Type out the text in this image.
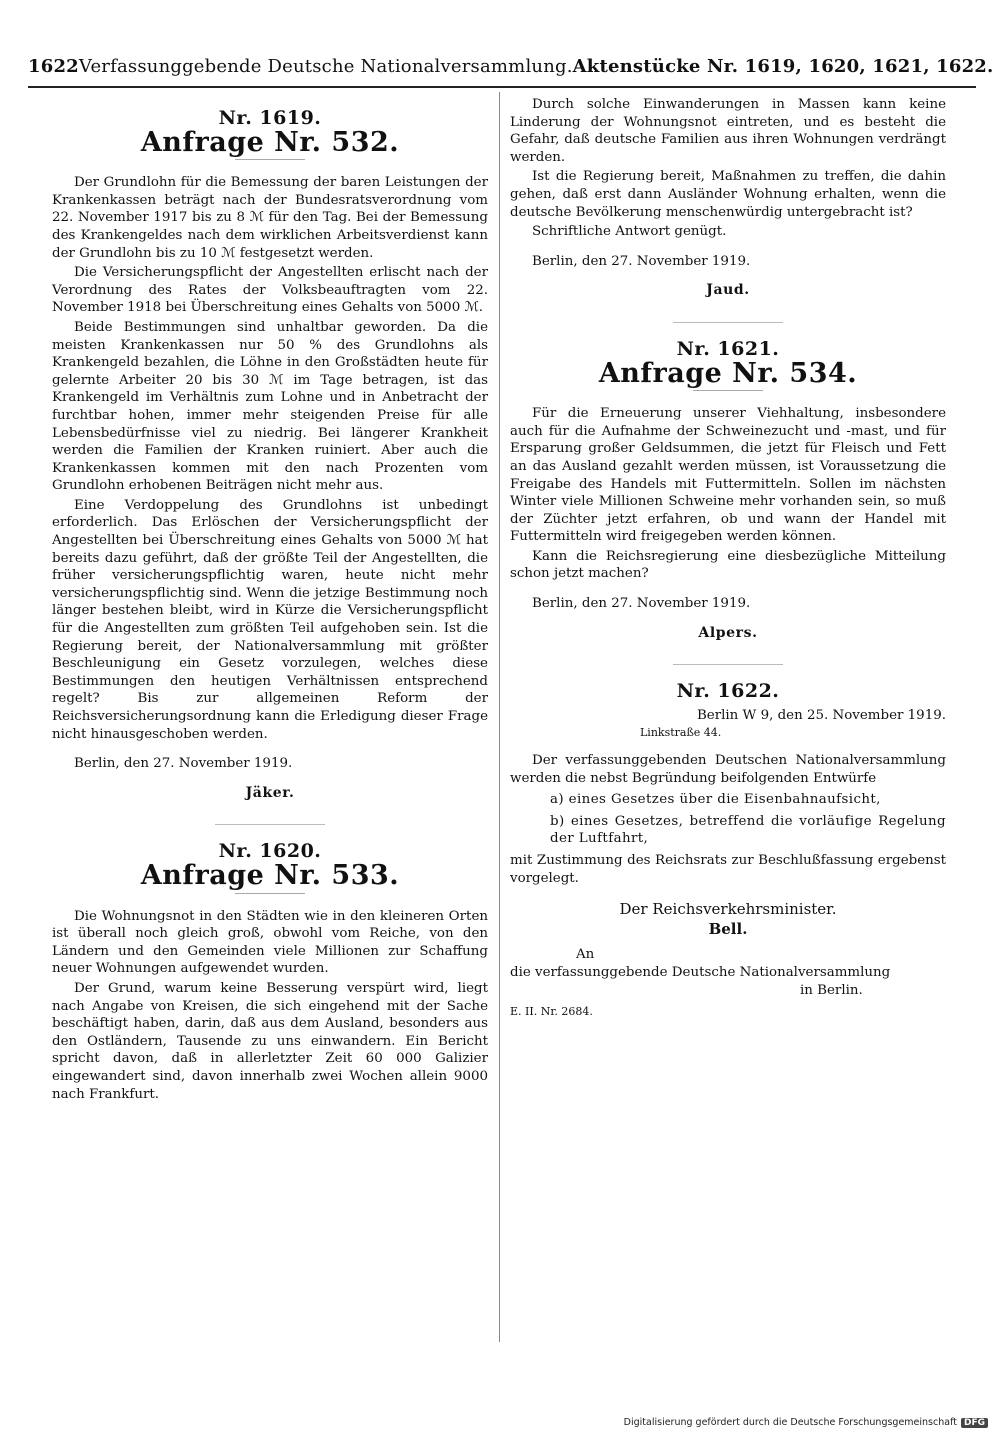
1622 Verfassunggebende Deutsche Nationalversammlung. Aktenstücke Nr. 1619, 1620, 1621, 1622.
Nr. 1619.
Anfrage Nr. 532.

Der Grundlohn für die Bemessung der baren Leistungen der Krankenkassen beträgt nach der Bundesratsverordnung vom 22. November 1917 bis zu 8 ℳ für den Tag. Bei der Bemessung des Krankengeldes nach dem wirklichen Arbeitsverdienst kann der Grundlohn bis zu 10 ℳ festgesetzt werden.

Die Versicherungspflicht der Angestellten erlischt nach der Verordnung des Rates der Volksbeauftragten vom 22. November 1918 bei Überschreitung eines Gehalts von 5000 ℳ.

Beide Bestimmungen sind unhaltbar geworden. Da die meisten Krankenkassen nur 50 % des Grundlohns als Krankengeld bezahlen, die Löhne in den Großstädten heute für gelernte Arbeiter 20 bis 30 ℳ im Tage betragen, ist das Krankengeld im Verhältnis zum Lohne und in Anbetracht der furchtbar hohen, immer mehr steigenden Preise für alle Lebensbedürfnisse viel zu niedrig. Bei längerer Krankheit werden die Familien der Kranken ruiniert. Aber auch die Krankenkassen kommen mit den nach Prozenten vom Grundlohn erhobenen Beiträgen nicht mehr aus.

Eine Verdoppelung des Grundlohns ist unbedingt erforderlich. Das Erlöschen der Versicherungspflicht der Angestellten bei Überschreitung eines Gehalts von 5000 ℳ hat bereits dazu geführt, daß der größte Teil der Angestellten, die früher versicherungspflichtig waren, heute nicht mehr versicherungspflichtig sind. Wenn die jetzige Bestimmung noch länger bestehen bleibt, wird in Kürze die Versicherungspflicht für die Angestellten zum größten Teil aufgehoben sein. Ist die Regierung bereit, der Nationalversammlung mit größter Beschleunigung ein Gesetz vorzulegen, welches diese Bestimmungen den heutigen Verhältnissen entsprechend regelt? Bis zur allgemeinen Reform der Reichsversicherungsordnung kann die Erledigung dieser Frage nicht hinausgeschoben werden.

Berlin, den 27. November 1919.
Jäker.
Nr. 1620.
Anfrage Nr. 533.

Die Wohnungsnot in den Städten wie in den kleineren Orten ist überall noch gleich groß, obwohl vom Reiche, von den Ländern und den Gemeinden viele Millionen zur Schaffung neuer Wohnungen aufgewendet wurden.

Der Grund, warum keine Besserung verspürt wird, liegt nach Angabe von Kreisen, die sich eingehend mit der Sache beschäftigt haben, darin, daß aus dem Ausland, besonders aus den Ostländern, Tausende zu uns einwandern. Ein Bericht spricht davon, daß in allerletzter Zeit 60 000 Galizier eingewandert sind, davon innerhalb zwei Wochen allein 9000 nach Frankfurt.

Durch solche Einwanderungen in Massen kann keine Linderung der Wohnungsnot eintreten, und es besteht die Gefahr, daß deutsche Familien aus ihren Wohnungen verdrängt werden.

Ist die Regierung bereit, Maßnahmen zu treffen, die dahin gehen, daß erst dann Ausländer Wohnung erhalten, wenn die deutsche Bevölkerung menschenwürdig untergebracht ist?

Schriftliche Antwort genügt.

Berlin, den 27. November 1919.
Jaud.
Nr. 1621.
Anfrage Nr. 534.

Für die Erneuerung unserer Viehhaltung, insbesondere auch für die Aufnahme der Schweinezucht und -mast, und für Ersparung großer Geldsummen, die jetzt für Fleisch und Fett an das Ausland gezahlt werden müssen, ist Voraussetzung die Freigabe des Handels mit Futtermitteln. Sollen im nächsten Winter viele Millionen Schweine mehr vorhanden sein, so muß der Züchter jetzt erfahren, ob und wann der Handel mit Futtermitteln wird freigegeben werden können.

Kann die Reichsregierung eine diesbezügliche Mitteilung schon jetzt machen?

Berlin, den 27. November 1919.
Alpers.
Nr. 1622.
Berlin W 9, den 25. November 1919.
Linkstraße 44.

Der verfassunggebenden Deutschen Nationalversammlung werden die nebst Begründung beifolgenden Entwürfe

a) eines Gesetzes über die Eisenbahnaufsicht,
b) eines Gesetzes, betreffend die vorläufige Regelung der Luftfahrt,

mit Zustimmung des Reichsrats zur Beschlußfassung ergebenst vorgelegt.

Der Reichsverkehrsminister.
Bell.
An
die verfassunggebende Deutsche Nationalversammlung
in Berlin.
E. II. Nr. 2684.
Digitalisierung gefördert durch die Deutsche Forschungsgemeinschaft DFG
